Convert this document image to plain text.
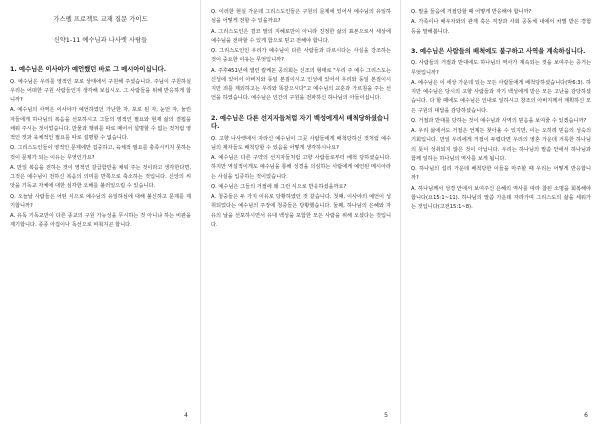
가스펠 프로젝트 교재 질문 가이드
신약1-11 예수님과 나사렛 사람들
1. 예수님은 이사야가 예언했던 바로 그 메시아이십니다.

Q. 예수님은 우리를 영적인 포로 상태에서 구원해 주셨습니다. 주님이 구원하실 우리는 어떠한 구원 사람들인지 생각해 보십시오. 그 사람들을 위해 반응하게 합니까?

A. 예수님의 사역은 이사야가 예언하였던 가난한 자, 포로 된 자, 눈먼 자, 눌린 자들에게 하나님의 복음을 선포하시고 그들의 영적인 필요와 현재 삶의 결핍을 채워 주시는 것이었습니다. 만물과 행위를 따로 떼어서 설명할 수 없는 것처럼 영적인 것과 육체적인 필요를 따로 설명할 수 없습니다.

Q. 그리스도인들이 영적인 문제에만 집중하고, 육체적 필요를 충족시키지 못하는 것이 문제가 되는 이유는 무엇인가요?

A. 만일 복음을 전하는 것이 영적인 갈급함만을 채워 주는 것이라고 생각한다면, 그것은 예수님이 전하신 복음의 의미를 반쪽으로 축소하는 것입니다. 신앙의 씨앗을 기독교 자체에 대한 심각한 오해를 불러일으킬 수 있습니다.

Q. 오늘날 사람들은 어떤 식으로 예수님의 유일하심에 대해 불신하고 문제를 제기합니까?

A. 유독 기독교만이 다른 종교의 구원 가능성을 무시하는 것 아니냐 하는 비판을 제기합니다. 종종 아집이나 독선으로 비춰지곤 합니다.

4

Q. 이러한 현실 가운데 그리스도인들은 구원의 문제에 있어서 예수님의 유일하심을 어떻게 전할 수 있을까요?

A. 그리스도인은 결코 말의 지혜로만이 아니라 진정한 삶의 표본으로서 세상에 예수님을 전파할 수 있게 함으로 믿고 전해야 합니다.

Q. 그리스도인인 우리가 예수님이 다른 사람들과 다르시다는 사실을 강조하는 것이 중요한 이유는 무엇입니까?

A. 주후451년에 열린 칼케돈 공의회는 신조의 형태로 "우리 주 예수 그리스도는 신성에 있어서 아버지와 동일 본질이시고 인성에 있어서 우리와 동일 본질이시지만 죄를 제외하고는 우리와 똑같으시다"고 예수님의 교훈과 가르침을 주는 선언을 하였습니다. 예수님은 인간의 구원을 전파하신 하나님의 아들이십니다.

2. 예수님은 다른 선지자들처럼 자기 백성에게서 배척당하셨습니다.

Q. 고향 나사렛에서 자라신 예수님이 그곳 사람들에게 배척당하신 것처럼 예수님의 제자들도 배척당할 수 있음을 어떻게 생각하시나요?

A. 예수님은 다른 구약의 선지자들처럼 고향 사람들로부터 배척 당하셨습니다. 하지만 역설적이게도 예수님을 통해 성경을 의심하는 사람에게 예언된 메시아라는 사실을 입증하는 것이었습니다.

Q. 예수님은 그들의 거절에 왜 그런 식으로 반응하셨을까요?

A. 청중들은 두 가지 이유로 당황하였던 것 같습니다. 첫째, 이사야의 예언이 성취되었다는 예수님의 주장에 청중들은 당황했습니다. 둘째, 하나님의 은혜와 자유의 날을 선포하시면서 유대 백성을 포함한 모든 사람을 위해 오셨다는 것입니다.

5

Q. 말을 들음에 거절당할 때 어떻게 반응해야 합니까?

A. 가족이나 배우자와의 관계 혹은 직장과 사회 공동체 내에서 차별 받은 경험 등을 말해봅니다.

3. 예수님은 사람들의 배척에도 불구하고 사역을 계속하십니다.

Q. 사람들의 거절과 반대에도 하나님의 역사가 계속되는 것을 보여주는 증거는 무엇입니까?

A. 예수님은 이 세상 가운데 있는 모든 사람들에게 배척당하셨습니다(막6:3). 하지만 예수님은 당시의 고향 사람들과 자기 백성에게 받은 모든 고난을 감당하셨습니다. 다 할 때에도 예수님은 인내로 일하시고 창조의 아버지께서 계획하신 모든 구원의 대답을 감당하셨습니다.

Q. 거절과 반대를 당하는 것이 예수님과 사역의 믿음을 보여줄 수 있겠습니까?

A. 우리 삶에서도 거절은 언제든 찾아올 수 있지만, 이는 오히려 믿음의 성숙의 기회입니다. 만일 우리에게 거절이 두렵다면 우리의 영혼 가운데 거룩한 하나님의 뜻이 성취되지 않은 것이 아닙니다. 우리는 하나님의 말씀 안에서 하나님과 함께 일하는 하나님의 역사를 보게 됩니다.

Q. 하나님의 섭리 가운데 배척당한 이들을 마주할 때 우리는 어떻게 반응합니까?

A. 하나님께서 성경 안에서 보여주신 은혜의 역사를 따라 참된 소명을 회복해야 합니다(요15:1~11). 하나님의 말씀 가운데 자라가며 그리스도의 삶을 세워가는 것입니다(고전15:1~8).

6
